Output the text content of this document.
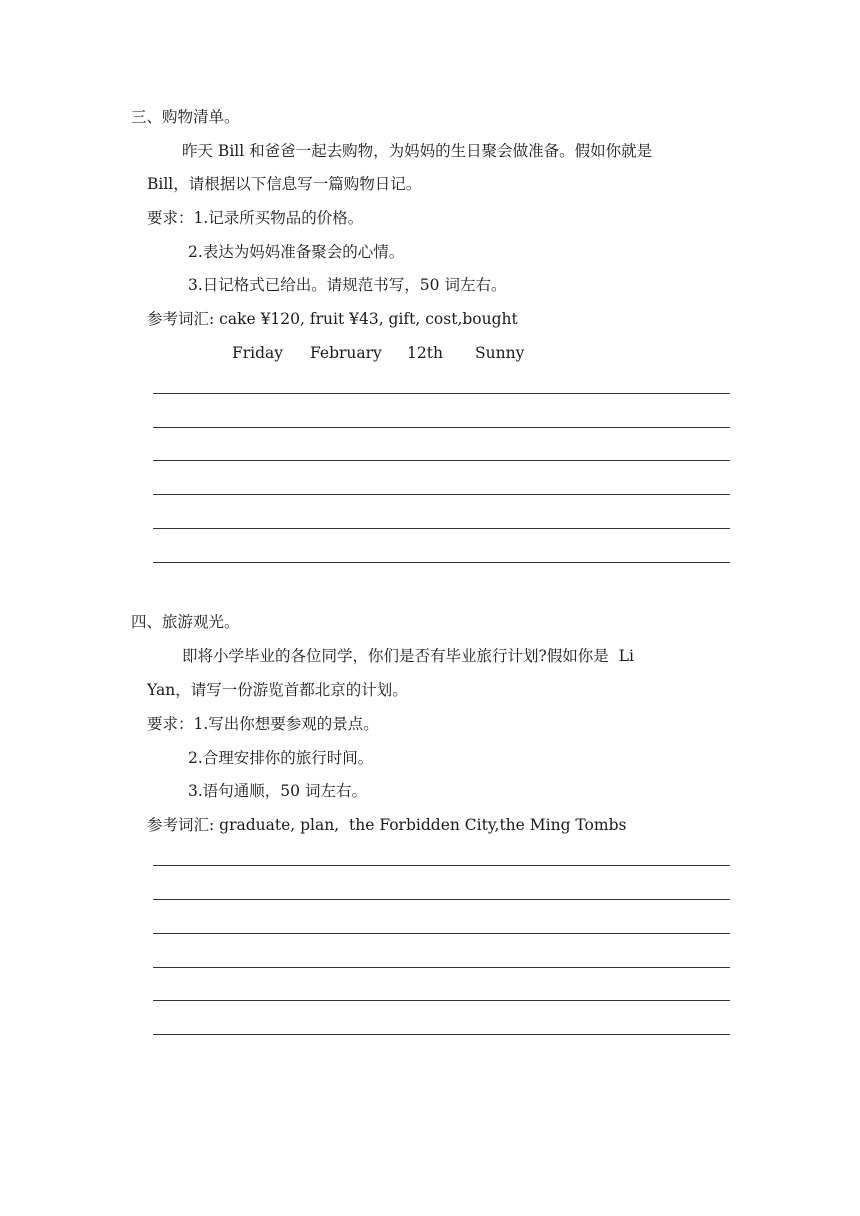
三、购物清单。
昨天 Bill 和爸爸一起去购物，为妈妈的生日聚会做准备。假如你就是
Bill，请根据以下信息写一篇购物日记。
要求：1.记录所买物品的价格。
2.表达为妈妈准备聚会的心情。
3.日记格式已给出。请规范书写，50 词左右。
参考词汇: cake ¥120, fruit ¥43, gift, cost,bought
Friday February 12th Sunny
四、旅游观光。
即将小学毕业的各位同学，你们是否有毕业旅行计划?假如你是  Li
Yan，请写一份游览首都北京的计划。
要求：1.写出你想要参观的景点。
2.合理安排你的旅行时间。
3.语句通顺，50 词左右。
参考词汇: graduate, plan,  the Forbidden City,the Ming Tombs
